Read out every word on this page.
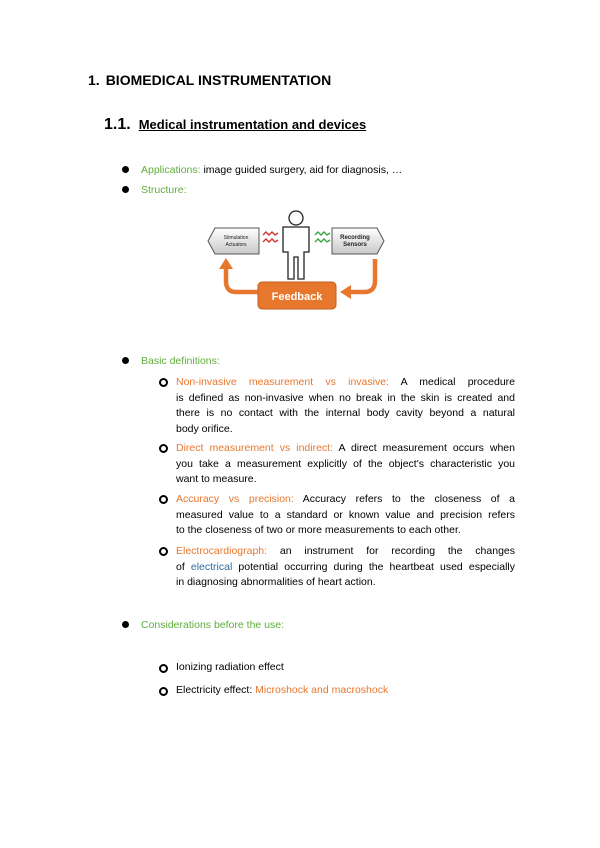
1. BIOMEDICAL INSTRUMENTATION
1.1. Medical instrumentation and devices
Applications: image guided surgery, aid for diagnosis, …
Structure:
Stimulation
Actuators
Recording
Sensors
Feedback
Basic definitions:
Non-invasive measurement vs invasive: A medical procedure
is defined as non-invasive when no break in the skin is created and
there is no contact with the internal body cavity beyond a natural
body orifice.
Direct measurement vs indirect: A direct measurement occurs when
you take a measurement explicitly of the object's characteristic you
want to measure.
Accuracy vs precision: Accuracy refers to the closeness of a
measured value to a standard or known value and precision refers
to the closeness of two or more measurements to each other.
Electrocardiograph: an instrument for recording the changes
of electrical potential occurring during the heartbeat used especially
in diagnosing abnormalities of heart action.
Considerations before the use:
Ionizing radiation effect
Electricity effect: Microshock and macroshock
